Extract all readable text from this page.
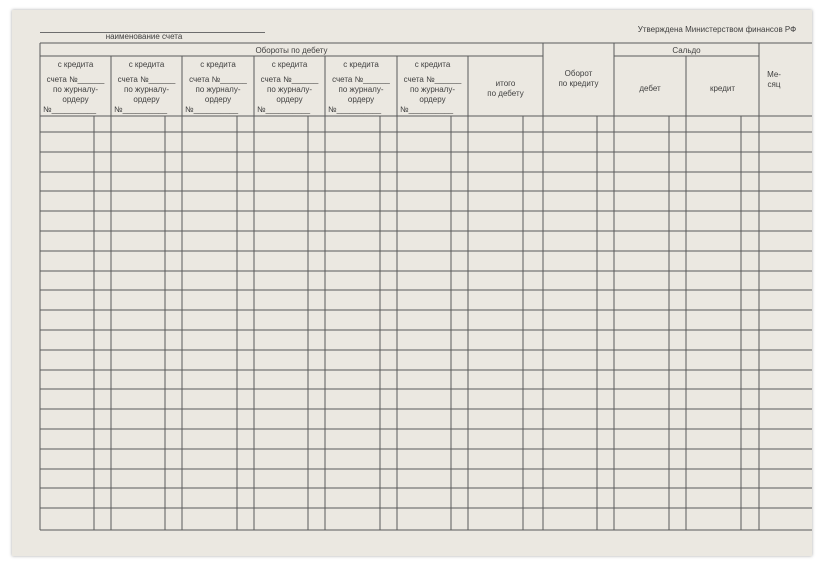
наименование счета
Утверждена Министерством финансов РФ
Обороты по дебету
с кредита
счета №______
по журналу-
ордеру
№__________
с кредита
счета №______
по журналу-
ордеру
№__________
с кредита
счета №______
по журналу-
ордеру
№__________
с кредита
счета №______
по журналу-
ордеру
№__________
с кредита
счета №______
по журналу-
ордеру
№__________
с кредита
счета №______
по журналу-
ордеру
№__________
итого
по дебету
Оборот
по кредиту
Сальдо
дебет	кредит
Ме-
сяц
